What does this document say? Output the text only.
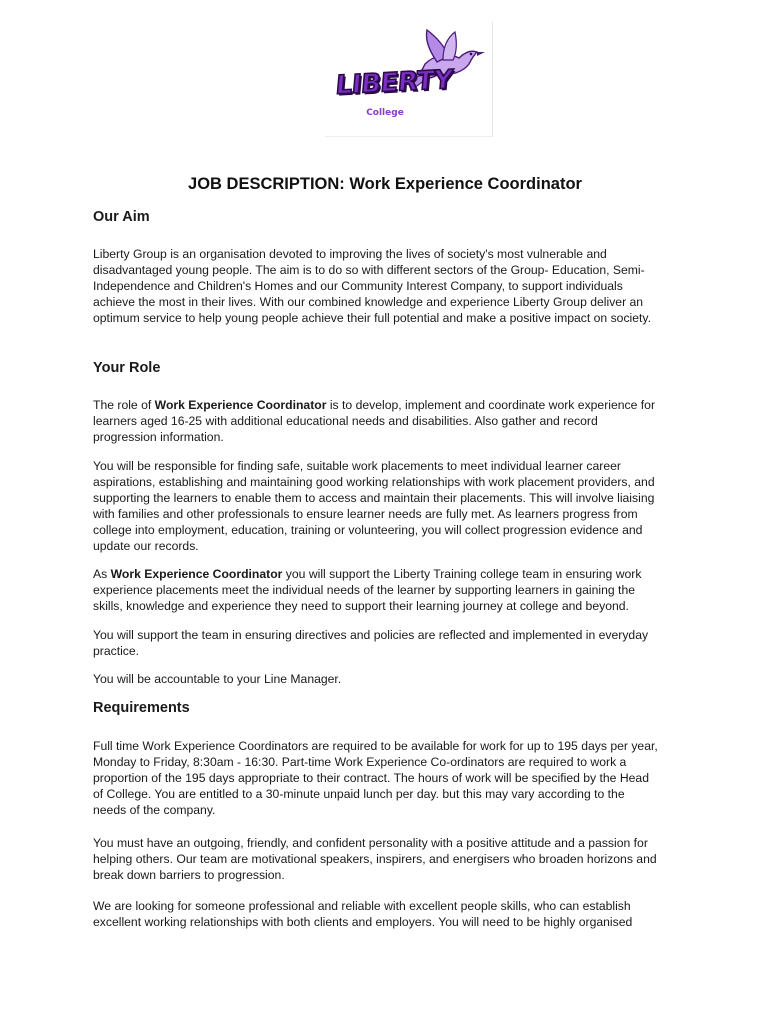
LIBERTY
College
JOB DESCRIPTION: Work Experience Coordinator
Our Aim
Liberty Group is an organisation devoted to improving the lives of society's most vulnerable and disadvantaged young people. The aim is to do so with different sectors of the Group- Education, Semi-Independence and Children's Homes and our Community Interest Company, to support individuals achieve the most in their lives. With our combined knowledge and experience Liberty Group deliver an optimum service to help young people achieve their full potential and make a positive impact on society.
Your Role
The role of Work Experience Coordinator is to develop, implement and coordinate work experience for learners aged 16-25 with additional educational needs and disabilities. Also gather and record progression information.
You will be responsible for finding safe, suitable work placements to meet individual learner career aspirations, establishing and maintaining good working relationships with work placement providers, and supporting the learners to enable them to access and maintain their placements. This will involve liaising with families and other professionals to ensure learner needs are fully met. As learners progress from college into employment, education, training or volunteering, you will collect progression evidence and update our records.
As Work Experience Coordinator you will support the Liberty Training college team in ensuring work experience placements meet the individual needs of the learner by supporting learners in gaining the skills, knowledge and experience they need to support their learning journey at college and beyond.
You will support the team in ensuring directives and policies are reflected and implemented in everyday practice.
You will be accountable to your Line Manager.
Requirements
Full time Work Experience Coordinators are required to be available for work for up to 195 days per year, Monday to Friday, 8:30am - 16:30. Part-time Work Experience Co-ordinators are required to work a proportion of the 195 days appropriate to their contract. The hours of work will be specified by the Head of College. You are entitled to a 30-minute unpaid lunch per day. but this may vary according to the needs of the company.
You must have an outgoing, friendly, and confident personality with a positive attitude and a passion for helping others. Our team are motivational speakers, inspirers, and energisers who broaden horizons and break down barriers to progression.
We are looking for someone professional and reliable with excellent people skills, who can establish excellent working relationships with both clients and employers. You will need to be highly organised
